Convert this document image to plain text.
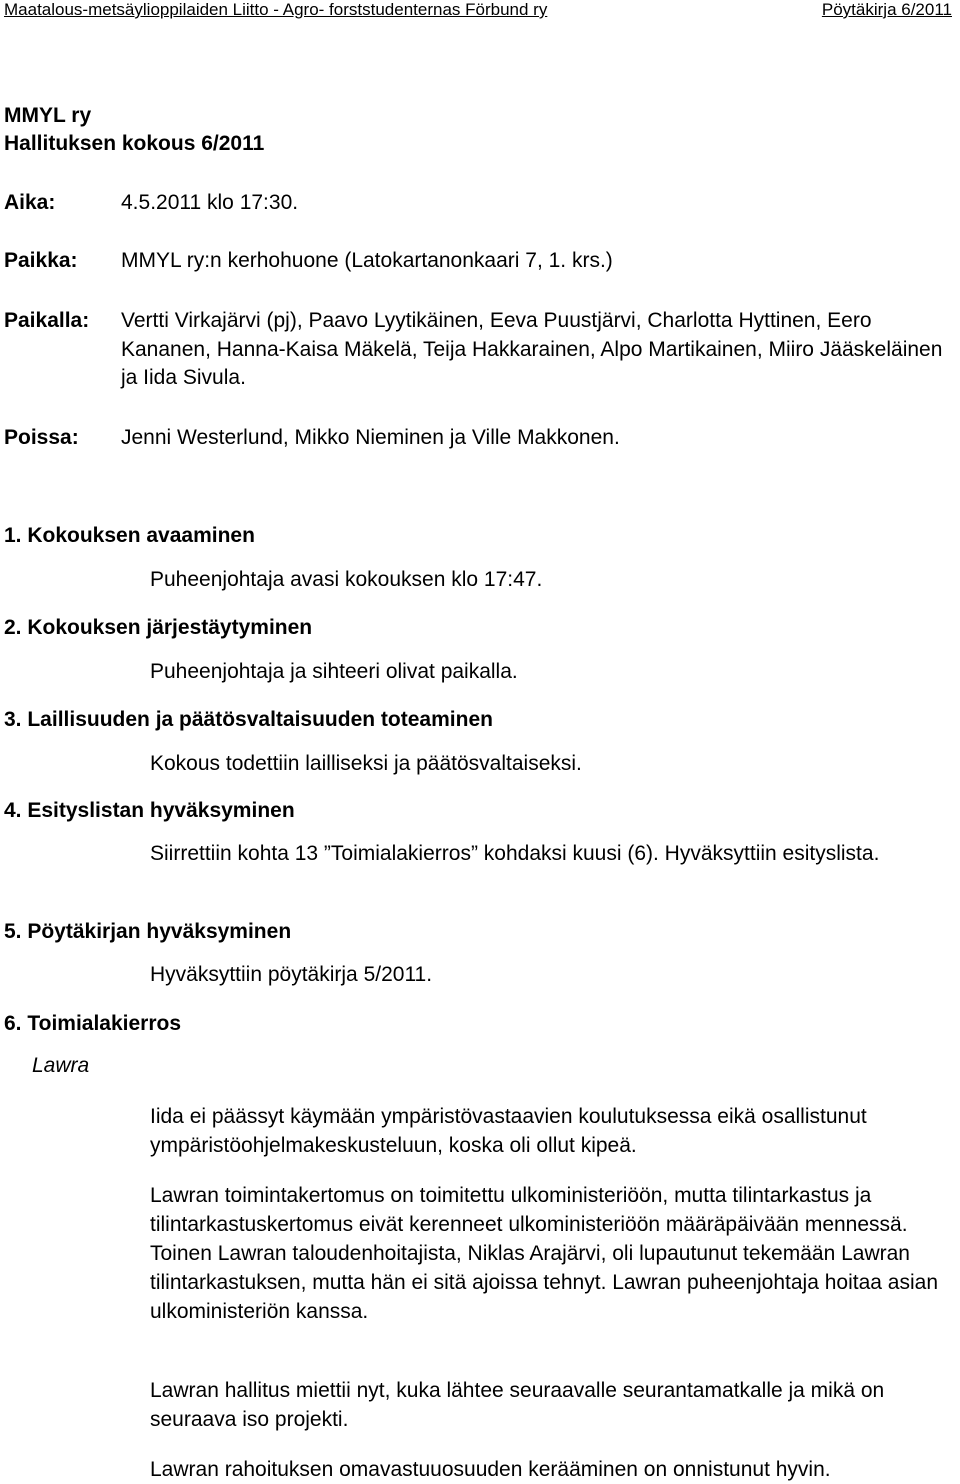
Maatalous-metsäylioppilaiden Liitto - Agro- forststudenternas Förbund ry	Pöytäkirja 6/2011
MMYL ry
Hallituksen kokous 6/2011
Aika:	4.5.2011 klo 17:30.
Paikka: MMYL ry:n kerhohuone (Latokartanonkaari 7, 1. krs.)
Paikalla: Vertti Virkajärvi (pj), Paavo Lyytikäinen, Eeva Puustjärvi, Charlotta Hyttinen, Eero Kananen, Hanna-Kaisa Mäkelä, Teija Hakkarainen, Alpo Martikainen, Miiro Jääskeläinen ja Iida Sivula.
Poissa: Jenni Westerlund, Mikko Nieminen ja Ville Makkonen.
1. Kokouksen avaaminen
Puheenjohtaja avasi kokouksen klo 17:47.
2. Kokouksen järjestäytyminen
Puheenjohtaja ja sihteeri olivat paikalla.
3. Laillisuuden ja päätösvaltaisuuden toteaminen
Kokous todettiin lailliseksi ja päätösvaltaiseksi.
4. Esityslistan hyväksyminen
Siirrettiin kohta 13 ”Toimialakierros” kohdaksi kuusi (6). Hyväksyttiin esityslista.
5. Pöytäkirjan hyväksyminen
Hyväksyttiin pöytäkirja 5/2011.
6. Toimialakierros
Lawra
Iida ei päässyt käymään ympäristövastaavien koulutuksessa eikä osallistunut ympäristöohjelmakeskusteluun, koska oli ollut kipeä.
Lawran toimintakertomus on toimitettu ulkoministeriöön, mutta tilintarkastus ja tilintarkastuskertomus eivät kerenneet ulkoministeriöön määräpäivään mennessä. Toinen Lawran taloudenhoitajista, Niklas Arajärvi, oli lupautunut tekemään Lawran tilintarkastuksen, mutta hän ei sitä ajoissa tehnyt. Lawran puheenjohtaja hoitaa asian ulkoministeriön kanssa.
Lawran hallitus miettii nyt, kuka lähtee seuraavalle seurantamatkalle ja mikä on seuraava iso projekti.
Lawran rahoituksen omavastuuosuuden kerääminen on onnistunut hyvin.
